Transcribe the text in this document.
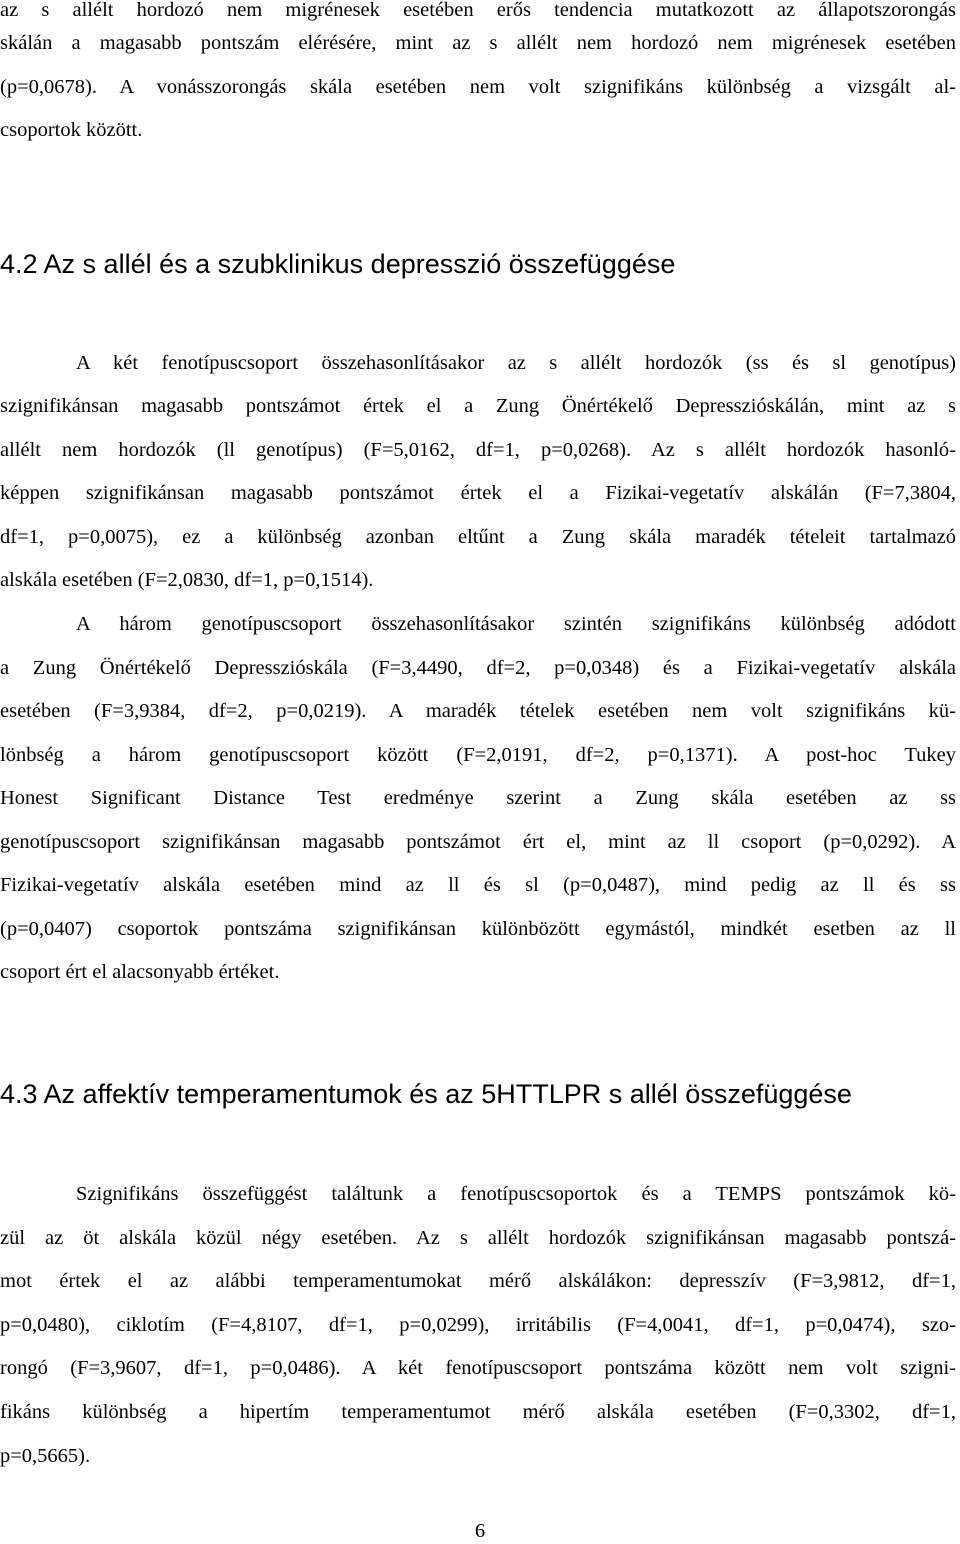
az s allélt hordozó nem migrénesek esetében erős tendencia mutatkozott az állapotszorongás
skálán a magasabb pontszám elérésére, mint az s allélt nem hordozó nem migrénesek esetében
(p=0,0678). A vonásszorongás skála esetében nem volt szignifikáns különbség a vizsgált al-
csoportok között.
4.2 Az s allél és a szubklinikus depresszió összefüggése
A két fenotípuscsoport összehasonlításakor az s allélt hordozók (ss és sl genotípus)
szignifikánsan magasabb pontszámot értek el a Zung Önértékelő Depresszióskálán, mint az s
allélt nem hordozók (ll genotípus) (F=5,0162, df=1, p=0,0268). Az s allélt hordozók hasonló-
képpen szignifikánsan magasabb pontszámot értek el a Fizikai-vegetatív alskálán (F=7,3804,
df=1, p=0,0075), ez a különbség azonban eltűnt a Zung skála maradék tételeit tartalmazó
alskála esetében (F=2,0830, df=1, p=0,1514).
A három genotípuscsoport összehasonlításakor szintén szignifikáns különbség adódott
a Zung Önértékelő Depresszióskála (F=3,4490, df=2, p=0,0348) és a Fizikai-vegetatív alskála
esetében (F=3,9384, df=2, p=0,0219). A maradék tételek esetében nem volt szignifikáns kü-
lönbség a három genotípuscsoport között (F=2,0191, df=2, p=0,1371). A post-hoc Tukey
Honest Significant Distance Test eredménye szerint a Zung skála esetében az ss
genotípuscsoport szignifikánsan magasabb pontszámot ért el, mint az ll csoport (p=0,0292). A
Fizikai-vegetatív alskála esetében mind az ll és sl (p=0,0487), mind pedig az ll és ss
(p=0,0407) csoportok pontszáma szignifikánsan különbözött egymástól, mindkét esetben az ll
csoport ért el alacsonyabb értéket.
4.3 Az affektív temperamentumok és az 5HTTLPR s allél összefüggése
Szignifikáns összefüggést találtunk a fenotípuscsoportok és a TEMPS pontszámok kö-
zül az öt alskála közül négy esetében. Az s allélt hordozók szignifikánsan magasabb pontszá-
mot értek el az alábbi temperamentumokat mérő alskálákon: depresszív (F=3,9812, df=1,
p=0,0480), ciklotím (F=4,8107, df=1, p=0,0299), irritábilis (F=4,0041, df=1, p=0,0474), szo-
rongó (F=3,9607, df=1, p=0,0486). A két fenotípuscsoport pontszáma között nem volt szigni-
fikáns különbség a hipertím temperamentumot mérő alskála esetében (F=0,3302, df=1,
p=0,5665).
6
